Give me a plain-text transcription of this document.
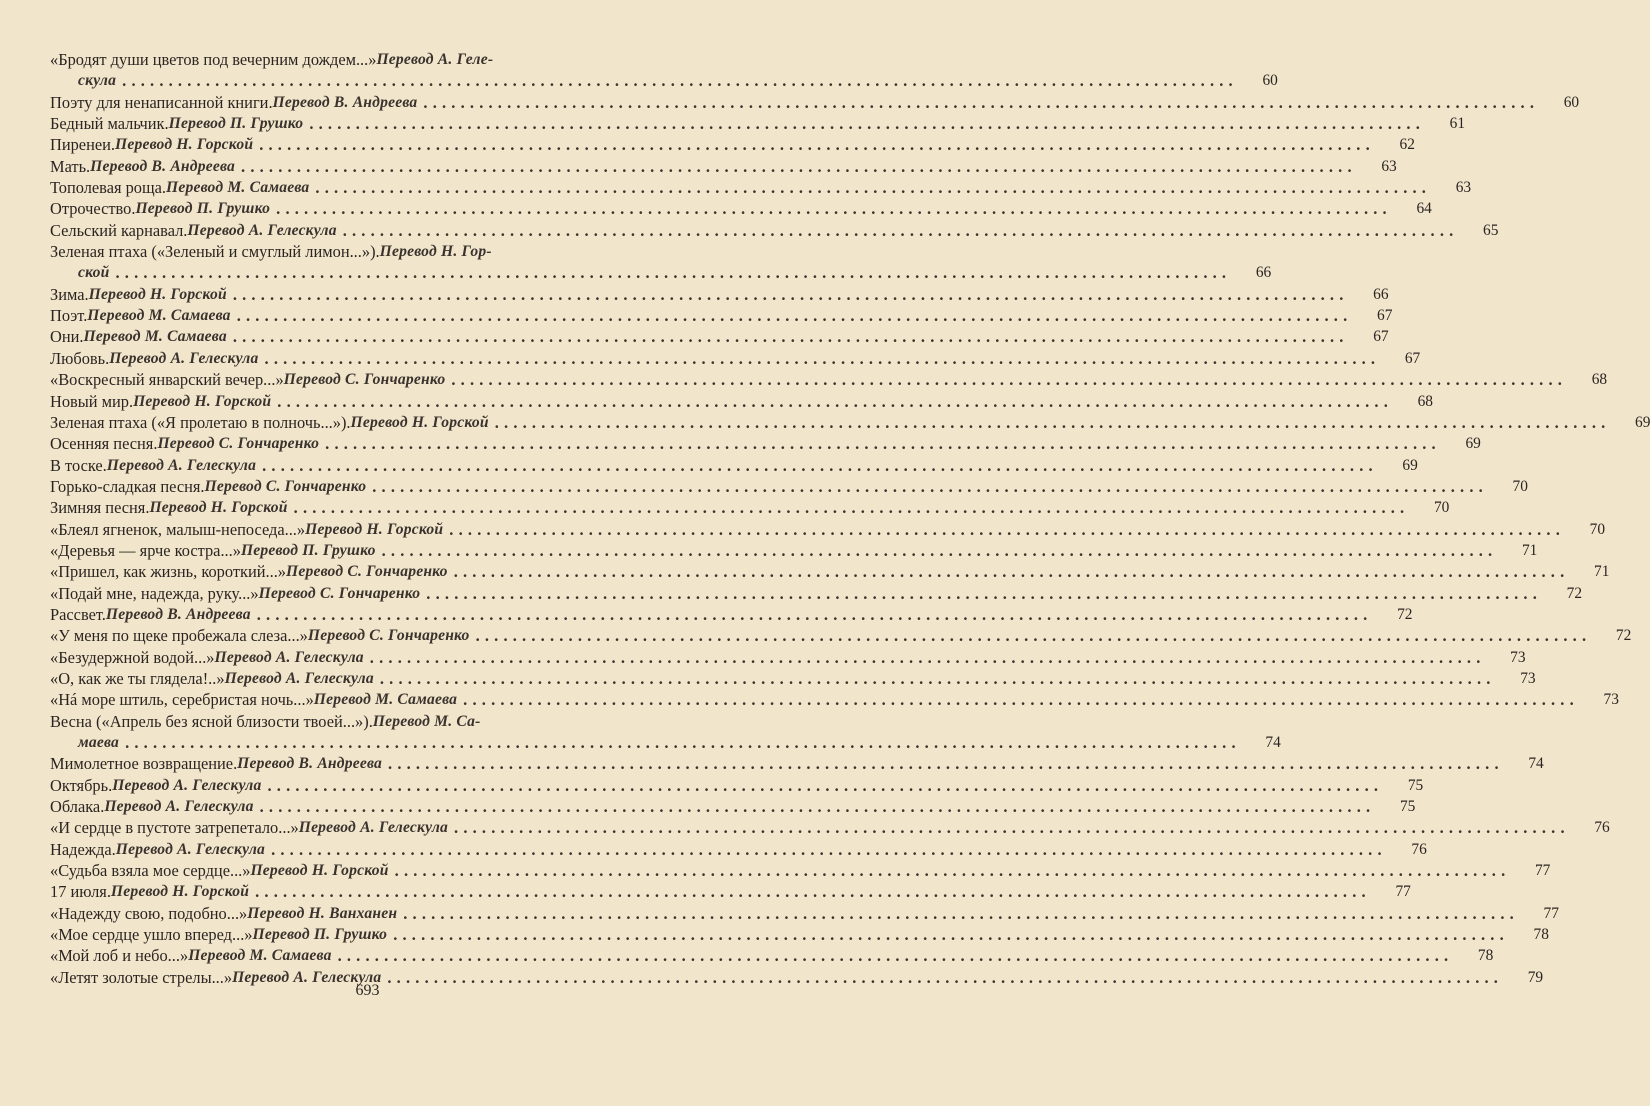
«Бродят души цветов под вечерним дождем...» Перевод А. Геле-
скула ........................................................................................................................	60
Поэту для ненаписанной книги. Перевод В. Андреева ........................................................................................................................	60
Бедный мальчик. Перевод П. Грушко ........................................................................................................................	61
Пиренеи. Перевод Н. Горской ........................................................................................................................	62
Мать. Перевод В. Андреева ........................................................................................................................	63
Тополевая роща. Перевод М. Самаева ........................................................................................................................	63
Отрочество. Перевод П. Грушко ........................................................................................................................	64
Сельский карнавал. Перевод А. Гелескула ........................................................................................................................	65
Зеленая птаха («Зеленый и смуглый лимон...»). Перевод Н. Гор-
ской ........................................................................................................................	66
Зима. Перевод Н. Горской ........................................................................................................................	66
Поэт. Перевод М. Самаева ........................................................................................................................	67
Они. Перевод М. Самаева ........................................................................................................................	67
Любовь. Перевод А. Гелескула ........................................................................................................................	67
«Воскресный январский вечер...» Перевод С. Гончаренко ........................................................................................................................	68
Новый мир. Перевод Н. Горской ........................................................................................................................	68
Зеленая птаха («Я пролетаю в полночь...»). Перевод Н. Горской ........................................................................................................................	69
Осенняя песня. Перевод С. Гончаренко ........................................................................................................................	69
В тоске. Перевод А. Гелескула ........................................................................................................................	69
Горько-сладкая песня. Перевод С. Гончаренко ........................................................................................................................	70
Зимняя песня. Перевод Н. Горской ........................................................................................................................	70
«Блеял ягненок, малыш-непоседа...» Перевод Н. Горской ........................................................................................................................	70
«Деревья — ярче костра...» Перевод П. Грушко ........................................................................................................................	71
«Пришел, как жизнь, короткий...» Перевод С. Гончаренко ........................................................................................................................	71
«Подай мне, надежда, руку...» Перевод С. Гончаренко ........................................................................................................................	72
Рассвет. Перевод В. Андреева ........................................................................................................................	72
«У меня по щеке пробежала слеза...» Перевод С. Гончаренко ........................................................................................................................	72
«Безудержной водой...» Перевод А. Гелескула ........................................................................................................................	73
«О, как же ты глядела!..» Перевод А. Гелескула ........................................................................................................................	73
«Нá море штиль, серебристая ночь...» Перевод М. Самаева ........................................................................................................................	73
Весна («Апрель без ясной близости твоей...»). Перевод М. Са-
маева ........................................................................................................................	74
Мимолетное возвращение. Перевод В. Андреева ........................................................................................................................	74
Октябрь. Перевод А. Гелескула ........................................................................................................................	75
Облака. Перевод А. Гелескула ........................................................................................................................	75
«И сердце в пустоте затрепетало...» Перевод А. Гелескула ........................................................................................................................	76
Надежда. Перевод А. Гелескула ........................................................................................................................	76
«Судьба взяла мое сердце...» Перевод Н. Горской ........................................................................................................................	77
17 июля. Перевод Н. Горской ........................................................................................................................	77
«Надежду свою, подобно...» Перевод Н. Ванханен ........................................................................................................................	77
«Мое сердце ушло вперед...» Перевод П. Грушко ........................................................................................................................	78
«Мой лоб и небо...» Перевод М. Самаева ........................................................................................................................	78
«Летят золотые стрелы...» Перевод А. Гелескула ........................................................................................................................	79
693
